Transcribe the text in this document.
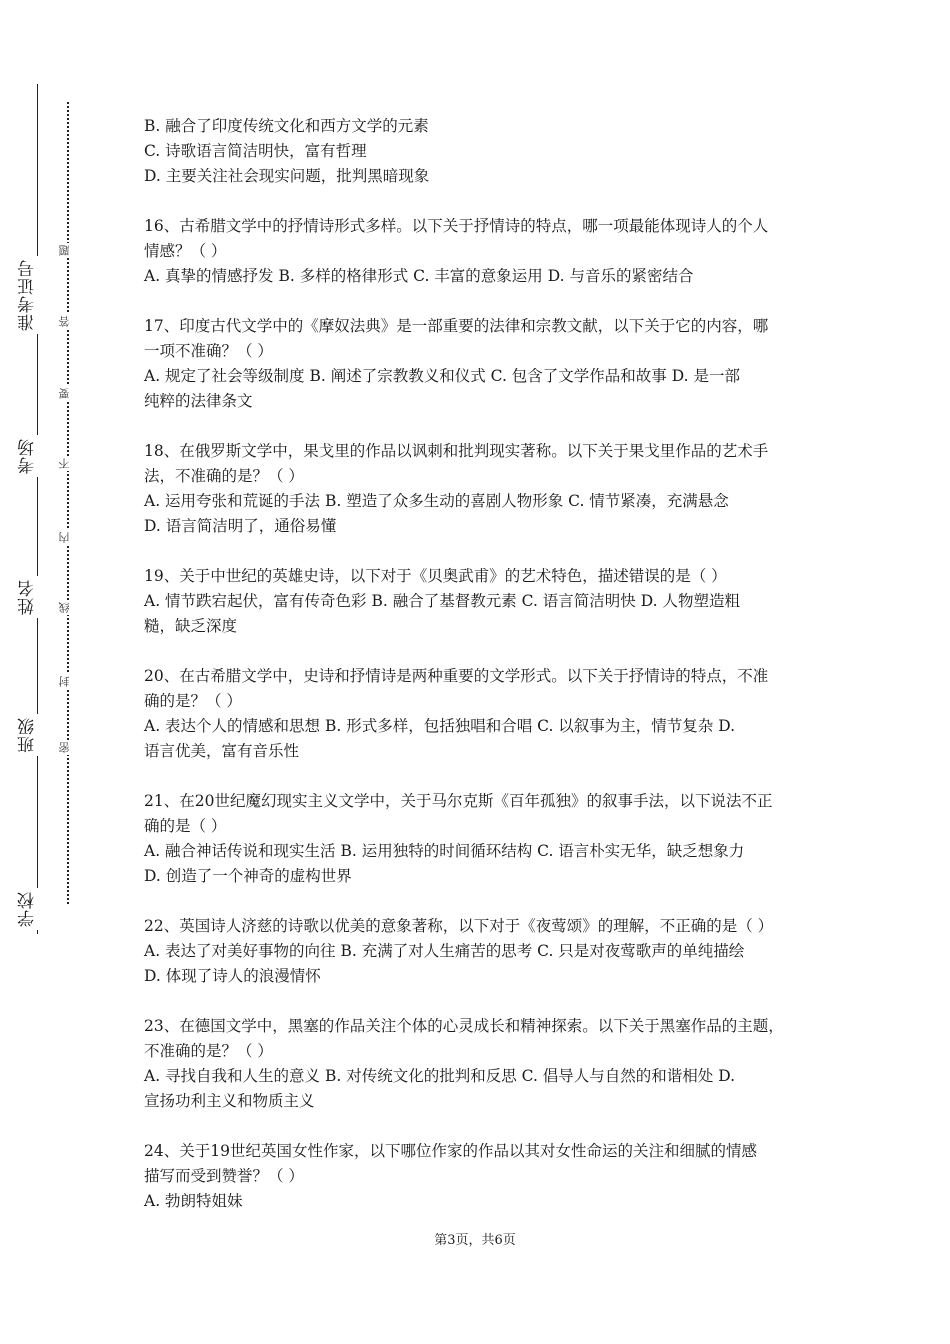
学校
班级
姓名
考场
准考证号
密
封
线
内
不
要
答
题
B. 融合了印度传统文化和西方文学的元素
C. 诗歌语言简洁明快，富有哲理
D. 主要关注社会现实问题，批判黑暗现象
16、古希腊文学中的抒情诗形式多样。以下关于抒情诗的特点，哪一项最能体现诗人的个人
情感？（ ）
A. 真挚的情感抒发 B. 多样的格律形式 C. 丰富的意象运用 D. 与音乐的紧密结合
17、印度古代文学中的《摩奴法典》是一部重要的法律和宗教文献，以下关于它的内容，哪
一项不准确？（ ）
A. 规定了社会等级制度 B. 阐述了宗教教义和仪式 C. 包含了文学作品和故事 D. 是一部
纯粹的法律条文
18、在俄罗斯文学中，果戈里的作品以讽刺和批判现实著称。以下关于果戈里作品的艺术手
法，不准确的是？（ ）
A. 运用夸张和荒诞的手法 B. 塑造了众多生动的喜剧人物形象 C. 情节紧凑，充满悬念
D. 语言简洁明了，通俗易懂
19、关于中世纪的英雄史诗，以下对于《贝奥武甫》的艺术特色，描述错误的是（ ）
A. 情节跌宕起伏，富有传奇色彩 B. 融合了基督教元素 C. 语言简洁明快 D. 人物塑造粗
糙，缺乏深度
20、在古希腊文学中，史诗和抒情诗是两种重要的文学形式。以下关于抒情诗的特点，不准
确的是？（ ）
A. 表达个人的情感和思想 B. 形式多样，包括独唱和合唱 C. 以叙事为主，情节复杂 D.
语言优美，富有音乐性
21、在20世纪魔幻现实主义文学中，关于马尔克斯《百年孤独》的叙事手法，以下说法不正
确的是（ ）
A. 融合神话传说和现实生活 B. 运用独特的时间循环结构 C. 语言朴实无华，缺乏想象力
D. 创造了一个神奇的虚构世界
22、英国诗人济慈的诗歌以优美的意象著称，以下对于《夜莺颂》的理解，不正确的是（ ）
A. 表达了对美好事物的向往 B. 充满了对人生痛苦的思考 C. 只是对夜莺歌声的单纯描绘
D. 体现了诗人的浪漫情怀
23、在德国文学中，黑塞的作品关注个体的心灵成长和精神探索。以下关于黑塞作品的主题，
不准确的是？（ ）
A. 寻找自我和人生的意义 B. 对传统文化的批判和反思 C. 倡导人与自然的和谐相处 D.
宣扬功利主义和物质主义
24、关于19世纪英国女性作家，以下哪位作家的作品以其对女性命运的关注和细腻的情感
描写而受到赞誉？（ ）
A. 勃朗特姐妹
第3页，共6页
